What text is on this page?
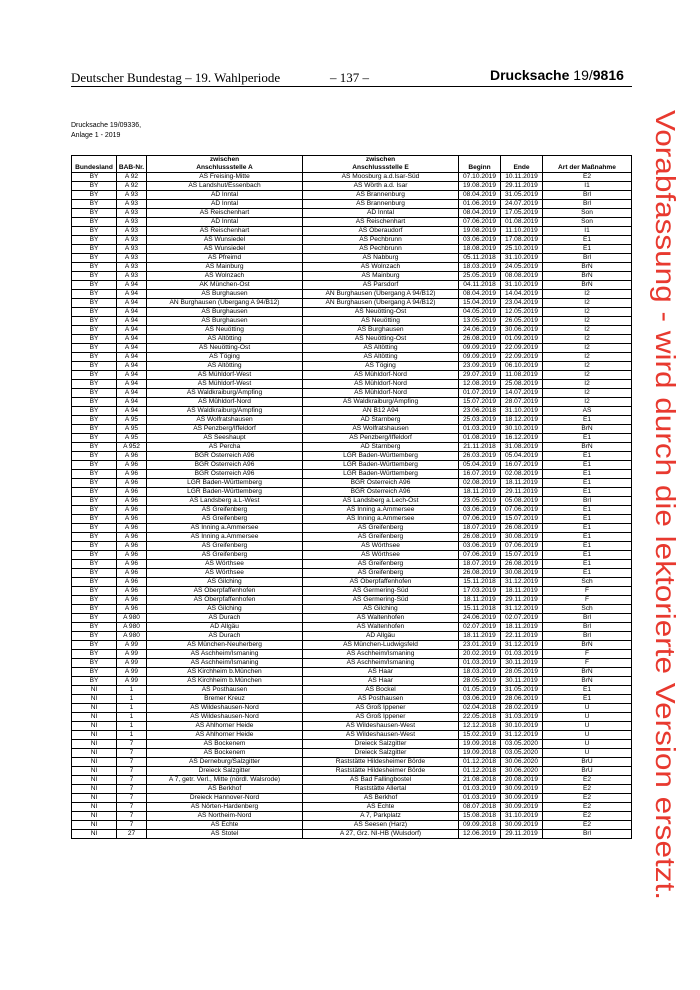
Deutscher Bundestag – 19. Wahlperiode	– 137 –	Drucksache 19/9816
Drucksache 19/09336,
Anlage 1 - 2019
		zwischen	zwischen			
Bundesland	BAB-Nr.	Anschlussstelle A	Anschlussstelle E	Beginn	Ende	Art der Maßnahme
BY	A 92	AS Freising-Mitte	AS Moosburg a.d.Isar-Süd	07.10.2019	10.11.2019	E2
BY	A 92	AS Landshut/Essenbach	AS Wörth a.d. Isar	19.08.2019	29.11.2019	I1
BY	A 93	AD Inntal	AS Brannenburg	08.04.2019	31.05.2019	Brl
BY	A 93	AD Inntal	AS Brannenburg	01.06.2019	24.07.2019	Brl
BY	A 93	AS Reischenhart	AD Inntal	08.04.2019	17.05.2019	Son
BY	A 93	AD Inntal	AS Reischenhart	07.06.2019	01.08.2019	Son
BY	A 93	AS Reischenhart	AS Oberaudorf	19.08.2019	11.10.2019	I1
BY	A 93	AS Wunsiedel	AS Pechbrunn	03.06.2019	17.08.2019	E1
BY	A 93	AS Wunsiedel	AS Pechbrunn	18.08.2019	25.10.2019	E1
BY	A 93	AS Pfreimd	AS Nabburg	05.11.2018	31.10.2019	Brl
BY	A 93	AS Mainburg	AS Wolnzach	18.03.2019	24.05.2019	BrN
BY	A 93	AS Wolnzach	AS Mainburg	25.05.2019	08.08.2019	BrN
BY	A 94	AK München-Ost	AS Parsdorf	04.11.2018	31.10.2019	BrN
BY	A 94	AS Burghausen	AN Burghausen (Übergang A 94/B12)	08.04.2019	14.04.2019	I2
BY	A 94	AN Burghausen (Übergang A 94/B12)	AN Burghausen (Übergang A 94/B12)	15.04.2019	23.04.2019	I2
BY	A 94	AS Burghausen	AS Neuötting-Ost	04.05.2019	12.05.2019	I2
BY	A 94	AS Burghausen	AS Neuötting	13.05.2019	26.05.2019	I2
BY	A 94	AS Neuötting	AS Burghausen	24.06.2019	30.06.2019	I2
BY	A 94	AS Altötting	AS Neuötting-Ost	26.08.2019	01.09.2019	I2
BY	A 94	AS Neuötting-Ost	AS Altötting	09.09.2019	22.09.2019	I2
BY	A 94	AS Töging	AS Altötting	09.09.2019	22.09.2019	I2
BY	A 94	AS Altötting	AS Töging	23.09.2019	06.10.2019	I2
BY	A 94	AS Mühldorf-West	AS Mühldorf-Nord	29.07.2019	11.08.2019	I2
BY	A 94	AS Mühldorf-West	AS Mühldorf-Nord	12.08.2019	25.08.2019	I2
BY	A 94	AS Waldkraiburg/Ampfing	AS Mühldorf-Nord	01.07.2019	14.07.2019	I2
BY	A 94	AS Mühldorf-Nord	AS Waldkraiburg/Ampfing	15.07.2019	28.07.2019	I2
BY	A 94	AS Waldkraiburg/Ampfing	AN B12 A94	23.06.2018	31.10.2019	AS
BY	A 95	AS Wolfratshausen	AD Starnberg	25.03.2019	18.12.2019	E1
BY	A 95	AS Penzberg/Iffeldorf	AS Wolfratshausen	01.03.2019	30.10.2019	BrN
BY	A 95	AS Seeshaupt	AS Penzberg/Iffeldorf	01.08.2019	16.12.2019	E1
BY	A 952	AS Percha	AD Starnberg	21.11.2018	31.08.2019	BrN
BY	A 96	BGR Österreich A96	LGR Baden-Württemberg	26.03.2019	05.04.2019	E1
BY	A 96	BGR Österreich A96	LGR Baden-Württemberg	05.04.2019	16.07.2019	E1
BY	A 96	BGR Österreich A96	LGR Baden-Württemberg	16.07.2019	02.08.2019	E1
BY	A 96	LGR Baden-Württemberg	BGR Österreich A96	02.08.2019	18.11.2019	E1
BY	A 96	LGR Baden-Württemberg	BGR Österreich A96	18.11.2019	29.11.2019	E1
BY	A 96	AS Landsberg a.L-West	AS Landsberg a.Lech-Ost	23.05.2019	05.08.2019	Brl
BY	A 96	AS Greifenberg	AS Inning a.Ammersee	03.06.2019	07.06.2019	E1
BY	A 96	AS Greifenberg	AS Inning a.Ammersee	07.06.2019	15.07.2019	E1
BY	A 96	AS Inning a.Ammersee	AS Greifenberg	18.07.2019	26.08.2019	E1
BY	A 96	AS Inning a.Ammersee	AS Greifenberg	26.08.2019	30.08.2019	E1
BY	A 96	AS Greifenberg	AS Wörthsee	03.06.2019	07.06.2019	E1
BY	A 96	AS Greifenberg	AS Wörthsee	07.06.2019	15.07.2019	E1
BY	A 96	AS Wörthsee	AS Greifenberg	18.07.2019	26.08.2019	E1
BY	A 96	AS Wörthsee	AS Greifenberg	26.08.2019	30.08.2019	E1
BY	A 96	AS Gilching	AS Oberpfaffenhofen	15.11.2018	31.12.2019	Sch
BY	A 96	AS Oberpfaffenhofen	AS Germering-Süd	17.03.2019	18.11.2019	F
BY	A 96	AS Oberpfaffenhofen	AS Germering-Süd	18.11.2019	29.11.2019	F
BY	A 96	AS Gilching	AS Gilching	15.11.2018	31.12.2019	Sch
BY	A 980	AS Durach	AS Waltenhofen	24.06.2019	02.07.2019	Brl
BY	A 980	AD Allgäu	AS Waltenhofen	02.07.2019	18.11.2019	Brl
BY	A 980	AS Durach	AD Allgäu	18.11.2019	22.11.2019	Brl
BY	A 99	AS München-Neuherberg	AS München-Ludwigsfeld	23.01.2019	31.12.2019	BrN
BY	A 99	AS Aschheim/Ismaning	AS Aschheim/Ismaning	20.02.2019	01.03.2019	F
BY	A 99	AS Aschheim/Ismaning	AS Aschheim/Ismaning	01.03.2019	30.11.2019	F
BY	A 99	AS Kirchheim b.München	AS Haar	18.03.2019	28.05.2019	BrN
BY	A 99	AS Kirchheim b.München	AS Haar	28.05.2019	30.11.2019	BrN
NI	1	AS Posthausen	AS Bockel	01.05.2019	31.05.2019	E1
NI	1	Bremer Kreuz	AS Posthausen	03.06.2019	28.06.2019	E1
NI	1	AS Wildeshausen-Nord	AS Groß Ippener	02.04.2018	28.02.2019	U
NI	1	AS Wildeshausen-Nord	AS Groß Ippener	22.05.2018	31.03.2019	U
NI	1	AS Ahlhorner Heide	AS Wildeshausen-West	12.12.2018	30.10.2019	U
NI	1	AS Ahlhorner Heide	AS Wildeshausen-West	15.02.2019	31.12.2019	U
NI	7	AS Bockenem	Dreieck Salzgitter	19.09.2018	03.05.2020	U
NI	7	AS Bockenem	Dreieck Salzgitter	19.09.2018	03.05.2020	U
NI	7	AS Derneburg/Salzgitter	Raststätte Hildesheimer Börde	01.12.2018	30.06.2020	BrU
NI	7	Dreieck Salzgitter	Raststätte Hildesheimer Börde	01.12.2018	30.06.2020	BrU
NI	7	A 7, getr. Verl., Mitte (nördl. Walsrode)	AS Bad Fallingbostel	21.08.2018	20.08.2019	E2
NI	7	AS Berkhof	Raststätte Allertal	01.03.2019	30.09.2019	E2
NI	7	Dreieck Hannover-Nord	AS Berkhof	01.03.2019	30.09.2019	E2
NI	7	AS Nörten-Hardenberg	AS Echte	08.07.2018	30.09.2019	E2
NI	7	AS Northeim-Nord	A 7, Parkplatz	15.08.2018	31.10.2019	E2
NI	7	AS Echte	AS Seesen (Harz)	09.09.2018	30.09.2019	E2
NI	27	AS Stotel	A 27, Grz. NI-HB (Wulsdorf)	12.06.2019	29.11.2019	Brl
Vorabfassung - wird durch die lektorierte Version ersetzt.
